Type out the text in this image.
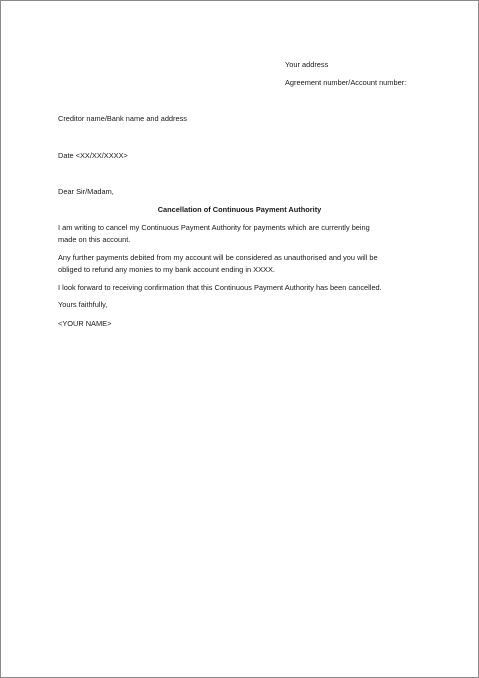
Your address
Agreement number/Account number:
Creditor name/Bank name and address
Date <XX/XX/XXXX>
Dear Sir/Madam,
Cancellation of Continuous Payment Authority
I am writing to cancel my Continuous Payment Authority for payments which are currently being
made on this account.
Any further payments debited from my account will be considered as unauthorised and you will be
obliged to refund any monies to my bank account ending in XXXX.
I look forward to receiving confirmation that this Continuous Payment Authority has been cancelled.
Yours faithfully,
<YOUR NAME>
